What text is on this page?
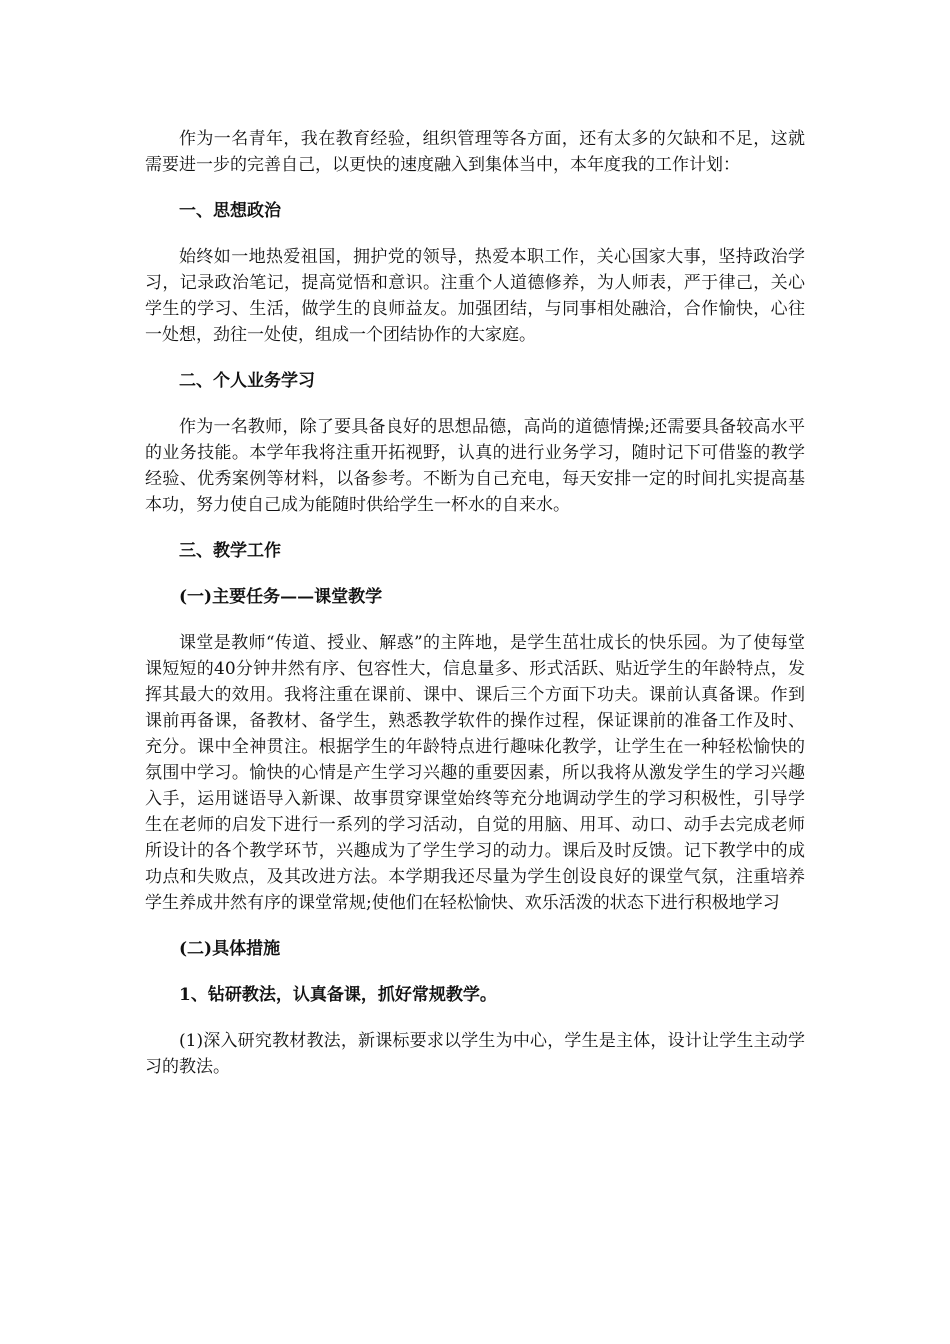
作为一名青年，我在教育经验，组织管理等各方面，还有太多的欠缺和不足，这就需要进一步的完善自己，以更快的速度融入到集体当中，本年度我的工作计划：

一、思想政治

始终如一地热爱祖国，拥护党的领导，热爱本职工作，关心国家大事，坚持政治学习，记录政治笔记，提高觉悟和意识。注重个人道德修养，为人师表，严于律己，关心学生的学习、生活，做学生的良师益友。加强团结，与同事相处融洽，合作愉快，心往一处想，劲往一处使，组成一个团结协作的大家庭。

二、个人业务学习

作为一名教师，除了要具备良好的思想品德，高尚的道德情操;还需要具备较高水平的业务技能。本学年我将注重开拓视野，认真的进行业务学习，随时记下可借鉴的教学经验、优秀案例等材料，以备参考。不断为自己充电，每天安排一定的时间扎实提高基本功，努力使自己成为能随时供给学生一杯水的自来水。

三、教学工作

(一)主要任务——课堂教学

课堂是教师“传道、授业、解惑”的主阵地，是学生茁壮成长的快乐园。为了使每堂课短短的40分钟井然有序、包容性大，信息量多、形式活跃、贴近学生的年龄特点，发挥其最大的效用。我将注重在课前、课中、课后三个方面下功夫。课前认真备课。作到课前再备课，备教材、备学生，熟悉教学软件的操作过程，保证课前的准备工作及时、充分。课中全神贯注。根据学生的年龄特点进行趣味化教学，让学生在一种轻松愉快的氛围中学习。愉快的心情是产生学习兴趣的重要因素，所以我将从激发学生的学习兴趣入手，运用谜语导入新课、故事贯穿课堂始终等充分地调动学生的学习积极性，引导学生在老师的启发下进行一系列的学习活动，自觉的用脑、用耳、动口、动手去完成老师所设计的各个教学环节，兴趣成为了学生学习的动力。课后及时反馈。记下教学中的成功点和失败点，及其改进方法。本学期我还尽量为学生创设良好的课堂气氛，注重培养学生养成井然有序的课堂常规;使他们在轻松愉快、欢乐活泼的状态下进行积极地学习

(二)具体措施

1、钻研教法，认真备课，抓好常规教学。

(1)深入研究教材教法，新课标要求以学生为中心，学生是主体，设计让学生主动学习的教法。
